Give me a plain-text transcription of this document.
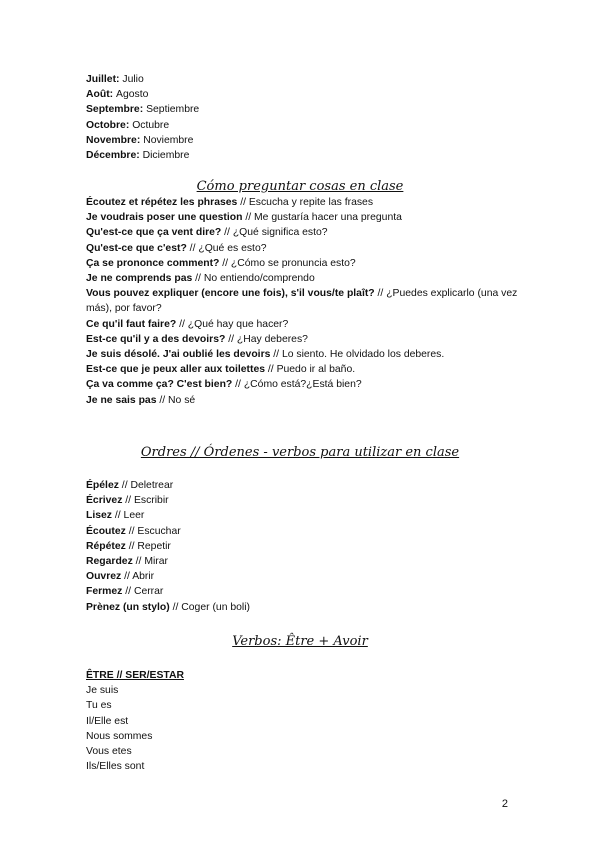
Juillet: Julio
Août: Agosto
Septembre: Septiembre
Octobre: Octubre
Novembre: Noviembre
Décembre: Diciembre
Cómo preguntar cosas en clase
Écoutez et répétez les phrases // Escucha y repite las frases
Je voudrais poser une question // Me gustaría hacer una pregunta
Qu'est-ce que ça vent dire? // ¿Qué significa esto?
Qu'est-ce que c'est? // ¿Qué es esto?
Ça se prononce comment? // ¿Cómo se pronuncia esto?
Je ne comprends pas // No entiendo/comprendo
Vous pouvez expliquer (encore une fois), s'il vous/te plaît? // ¿Puedes explicarlo (una vez más), por favor?
Ce qu'il faut faire? // ¿Qué hay que hacer?
Est-ce qu'il y a des devoirs? // ¿Hay deberes?
Je suis désolé. J'ai oublié les devoirs // Lo siento. He olvidado los deberes.
Est-ce que je peux aller aux toilettes // Puedo ir al baño.
Ça va comme ça? C'est bien? // ¿Cómo está?¿Está bien?
Je ne sais pas // No sé
Ordres // Órdenes - verbos para utilizar en clase
Épélez // Deletrear
Écrivez // Escribir
Lisez // Leer
Écoutez // Escuchar
Répétez // Repetir
Regardez // Mirar
Ouvrez // Abrir
Fermez // Cerrar
Prènez (un stylo) // Coger (un boli)
Verbos: Être + Avoir
ÊTRE // SER/ESTAR
Je suis
Tu es
Il/Elle est
Nous sommes
Vous etes
Ils/Elles sont
2
